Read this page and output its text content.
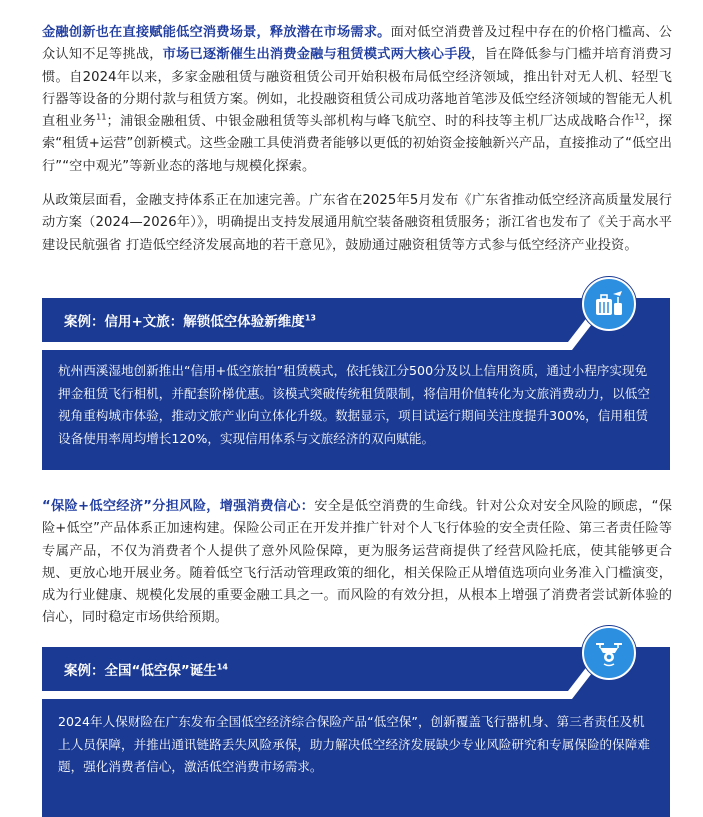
金融创新也在直接赋能低空消费场景，释放潜在市场需求。面对低空消费普及过程中存在的价格门槛高、公众认知不足等挑战，市场已逐渐催生出消费金融与租赁模式两大核心手段，旨在降低参与门槛并培育消费习惯。自2024年以来，多家金融租赁与融资租赁公司开始积极布局低空经济领域，推出针对无人机、轻型飞行器等设备的分期付款与租赁方案。例如，北投融资租赁公司成功落地首笔涉及低空经济领域的智能无人机直租业务$^{11}$；浦银金融租赁、中银金融租赁等头部机构与峰飞航空、时的科技等主机厂达成战略合作$^{12}$，探索“租赁+运营”创新模式。这些金融工具使消费者能够以更低的初始资金接触新兴产品，直接推动了“低空出行”“空中观光”等新业态的落地与规模化探索。

从政策层面看，金融支持体系正在加速完善。广东省在2025年5月发布《广东省推动低空经济高质量发展行动方案（2024—2026年）》，明确提出支持发展通用航空装备融资租赁服务；浙江省也发布了《关于高水平建设民航强省 打造低空经济发展高地的若干意见》，鼓励通过融资租赁等方式参与低空经济产业投资。

案例：信用+文旅：解锁低空体验新维度$^{13}$

杭州西溪湿地创新推出“信用+低空旅拍”租赁模式，依托钱江分500分及以上信用资质，通过小程序实现免押金租赁飞行相机，并配套阶梯优惠。该模式突破传统租赁限制，将信用价值转化为文旅消费动力，以低空视角重构城市体验，推动文旅产业向立体化升级。数据显示，项目试运行期间关注度提升300%，信用租赁设备使用率周均增长120%，实现信用体系与文旅经济的双向赋能。

“保险+低空经济”分担风险，增强消费信心：安全是低空消费的生命线。针对公众对安全风险的顾虑，“保险+低空”产品体系正加速构建。保险公司正在开发并推广针对个人飞行体验的安全责任险、第三者责任险等专属产品，不仅为消费者个人提供了意外风险保障，更为服务运营商提供了经营风险托底，使其能够更合规、更放心地开展业务。随着低空飞行活动管理政策的细化，相关保险正从增值选项向业务准入门槛演变，成为行业健康、规模化发展的重要金融工具之一。而风险的有效分担，从根本上增强了消费者尝试新体验的信心，同时稳定市场供给预期。

案例：全国“低空保”诞生$^{14}$

2024年人保财险在广东发布全国低空经济综合保险产品“低空保”，创新覆盖飞行器机身、第三者责任及机上人员保障，并推出通讯链路丢失风险承保，助力解决低空经济发展缺少专业风险研究和专属保险的保障难题，强化消费者信心，激活低空消费市场需求。
